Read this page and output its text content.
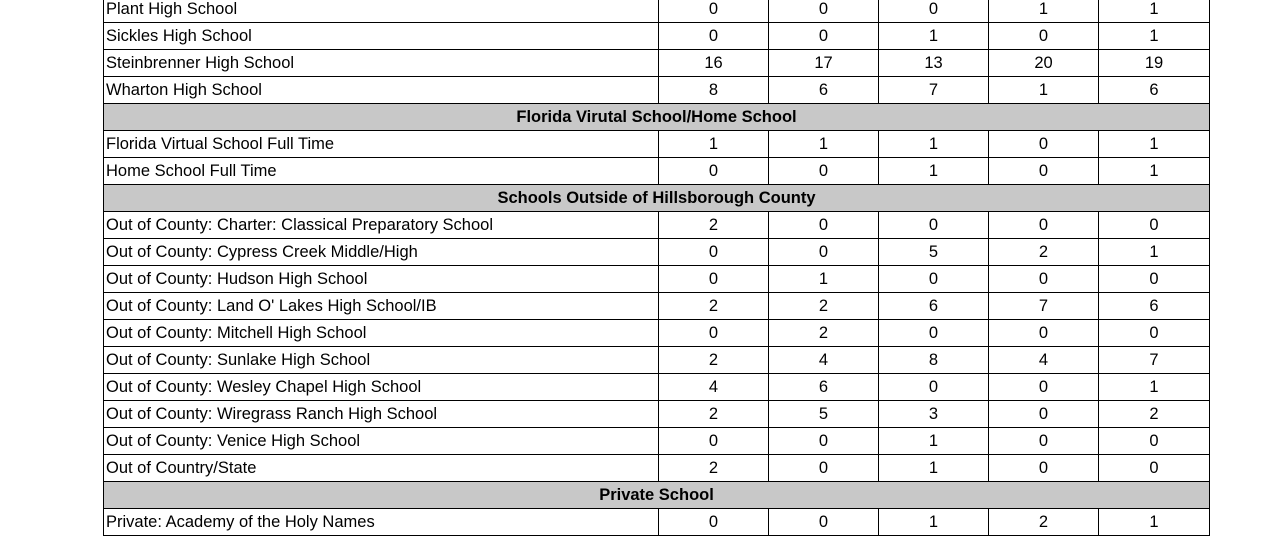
Plant High School	0	0	0	1	1
Sickles High School	0	0	1	0	1
Steinbrenner High School	16	17	13	20	19
Wharton High School	8	6	7	1	6
Florida Virutal School/Home School					
Florida Virtual School Full Time	1	1	1	0	1
Home School Full Time	0	0	1	0	1
Schools Outside of Hillsborough County					
Out of County: Charter: Classical Preparatory School	2	0	0	0	0
Out of County: Cypress Creek Middle/High	0	0	5	2	1
Out of County: Hudson High School	0	1	0	0	0
Out of County: Land O' Lakes High School/IB	2	2	6	7	6
Out of County: Mitchell High School	0	2	0	0	0
Out of County: Sunlake High School	2	4	8	4	7
Out of County: Wesley Chapel High School	4	6	0	0	1
Out of County: Wiregrass Ranch High School	2	5	3	0	2
Out of County: Venice High School	0	0	1	0	0
Out of Country/State	2	0	1	0	0
Private School					
Private: Academy of the Holy Names	0	0	1	2	1
